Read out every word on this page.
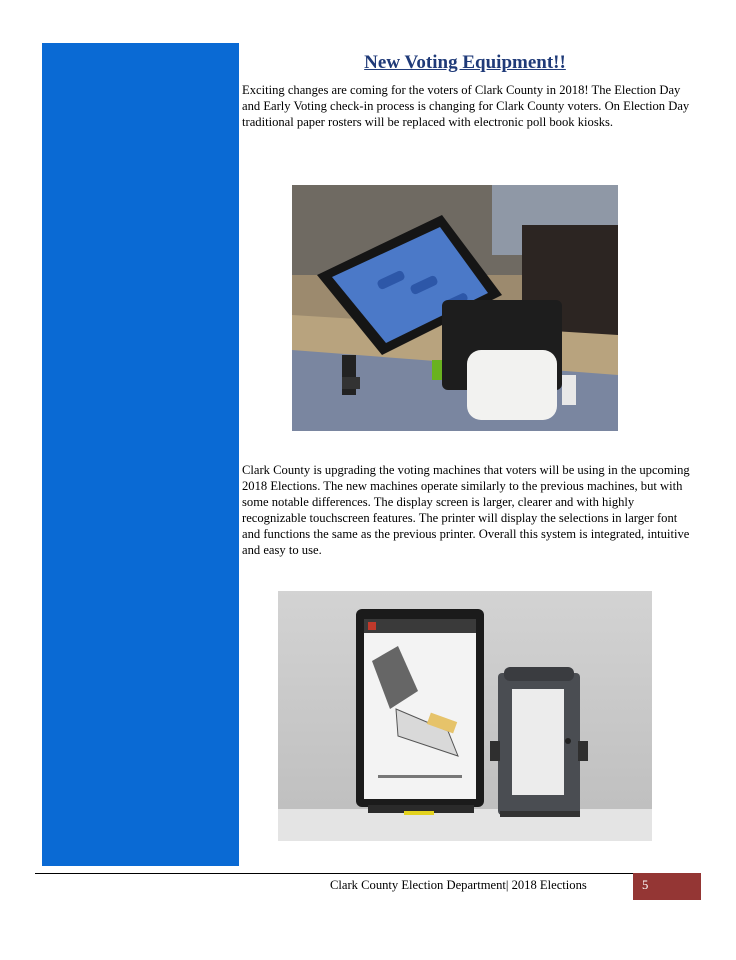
New Voting Equipment!!

Exciting changes are coming for the voters of Clark County in 2018! The Election Day and Early Voting check-in process is changing for Clark County voters. On Election Day traditional paper rosters will be replaced with electronic poll book kiosks.

Clark County is upgrading the voting machines that voters will be using in the upcoming 2018 Elections. The new machines operate similarly to the previous machines, but with some notable differences. The display screen is larger, clearer and with highly recognizable touchscreen features. The printer will display the selections in larger font and functions the same as the previous printer. Overall this system is integrated, intuitive and easy to use.

Clark County Election Department| 2018 Elections	5
